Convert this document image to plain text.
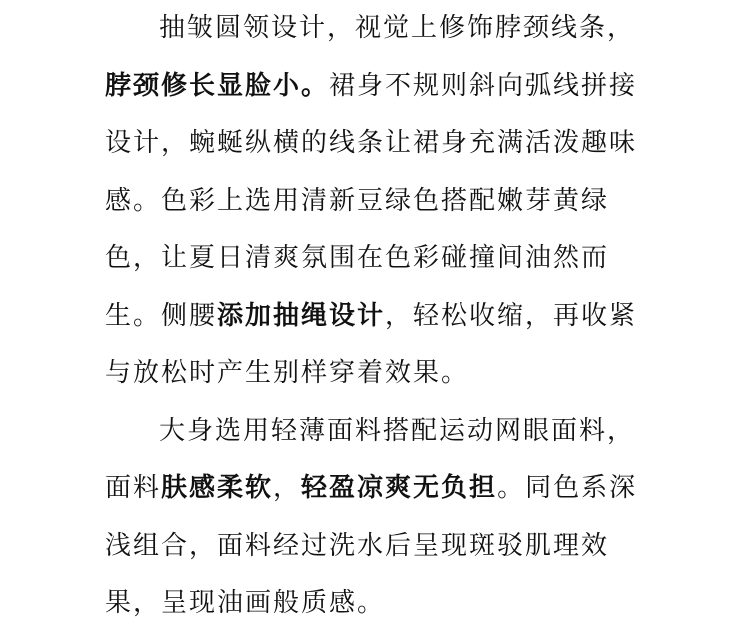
抽皱圆领设计，视觉上修饰脖颈线条，
脖颈修长显脸小。裙身不规则斜向弧线拼接
设计，蜿蜒纵横的线条让裙身充满活泼趣味
感。色彩上选用清新豆绿色搭配嫩芽黄绿
色，让夏日清爽氛围在色彩碰撞间油然而
生。侧腰添加抽绳设计，轻松收缩，再收紧
与放松时产生别样穿着效果。
大身选用轻薄面料搭配运动网眼面料，
面料肤感柔软，轻盈凉爽无负担。同色系深
浅组合，面料经过洗水后呈现斑驳肌理效
果，呈现油画般质感。
